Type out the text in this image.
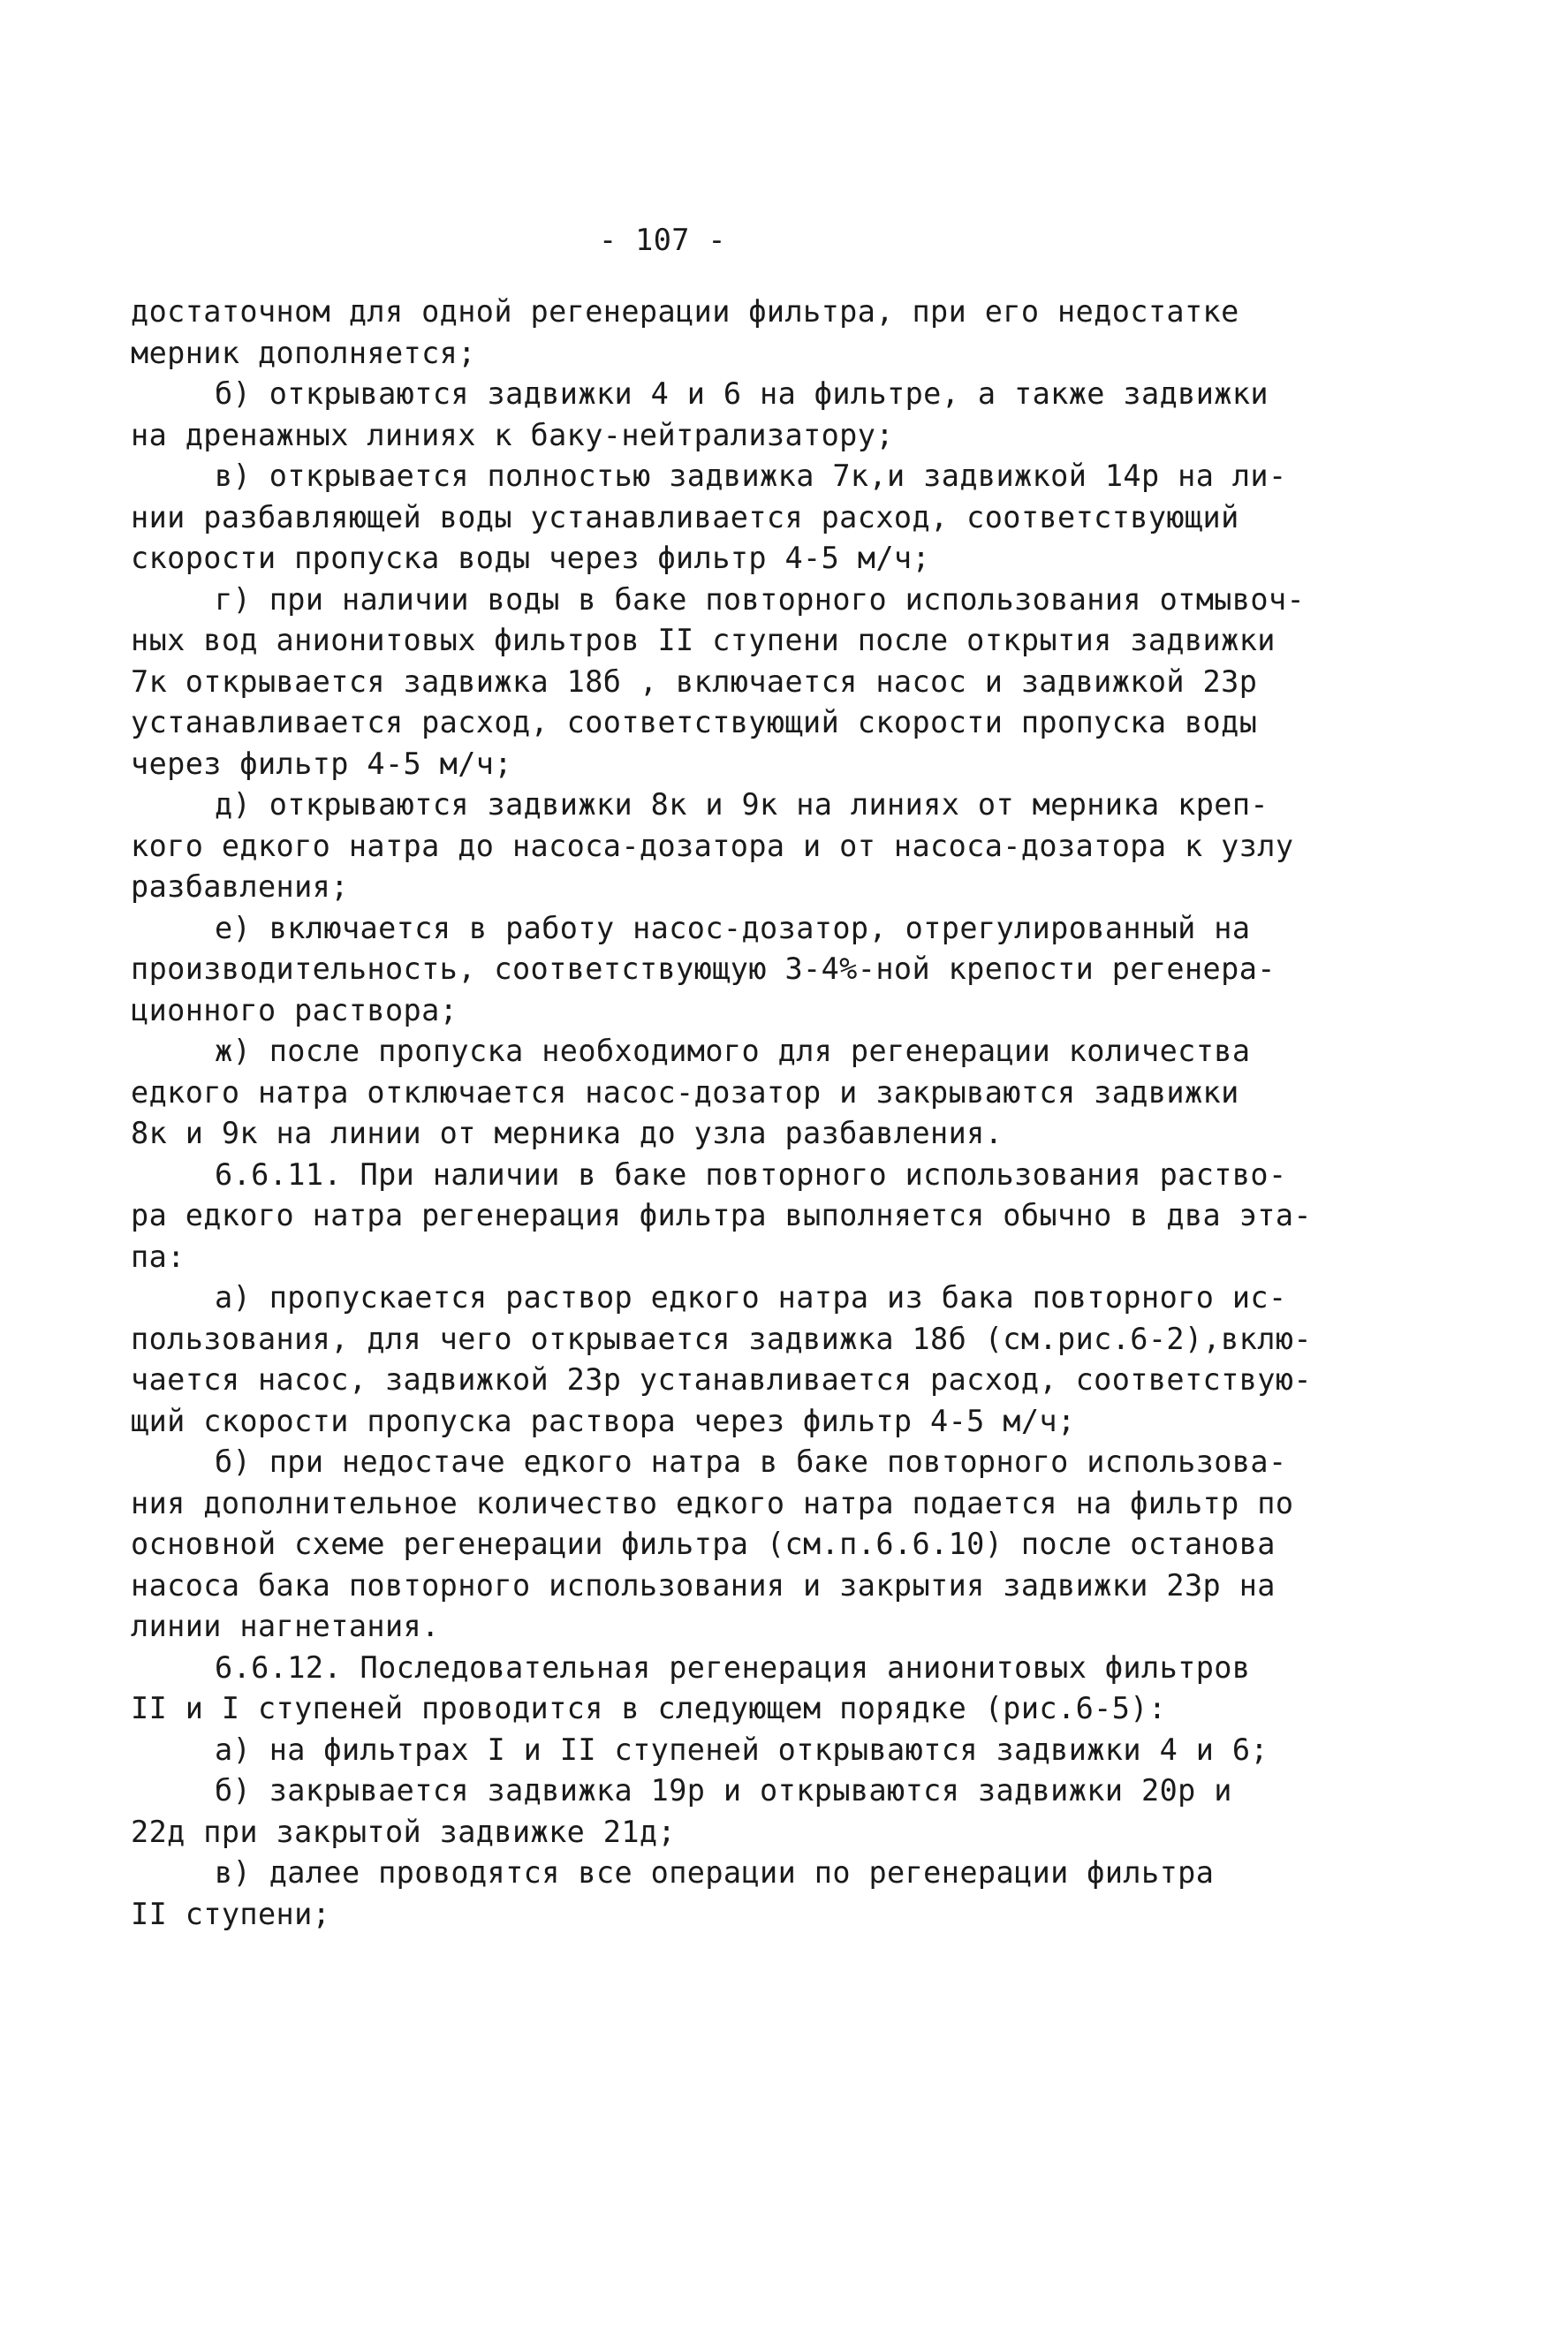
- 107 -
достаточном для одной регенерации фильтра, при его недостатке
мерник дополняется;
б) открываются задвижки 4 и 6 на фильтре, а также задвижки
на дренажных линиях к баку-нейтрализатору;
в) открывается полностью задвижка 7к,и задвижкой 14р на ли-
нии разбавляющей воды устанавливается расход, соответствующий
скорости пропуска воды через фильтр 4-5 м/ч;
г) при наличии воды в баке повторного использования отмывоч-
ных вод анионитовых фильтров II ступени после открытия задвижки
7к открывается задвижка 18б , включается насос и задвижкой 23р
устанавливается расход, соответствующий скорости пропуска воды
через фильтр 4-5 м/ч;
д) открываются задвижки 8к и 9к на линиях от мерника креп-
кого едкого натра до насоса-дозатора и от насоса-дозатора к узлу
разбавления;
е) включается в работу насос-дозатор, отрегулированный на
производительность, соответствующую 3-4%-ной крепости регенера-
ционного раствора;
ж) после пропуска необходимого для регенерации количества
едкого натра отключается насос-дозатор и закрываются задвижки
8к и 9к на линии от мерника до узла разбавления.
6.6.11. При наличии в баке повторного использования раство-
ра едкого натра регенерация фильтра выполняется обычно в два эта-
па:
а) пропускается раствор едкого натра из бака повторного ис-
пользования, для чего открывается задвижка 18б (см.рис.6-2),вклю-
чается насос, задвижкой 23р устанавливается расход, соответствую-
щий скорости пропуска раствора через фильтр 4-5 м/ч;
б) при недостаче едкого натра в баке повторного использова-
ния дополнительное количество едкого натра подается на фильтр по
основной схеме регенерации фильтра (см.п.6.6.10) после останова
насоса бака повторного использования и закрытия задвижки 23р на
линии нагнетания.
6.6.12. Последовательная регенерация анионитовых фильтров
II и I ступеней проводится в следующем порядке (рис.6-5):
а) на фильтрах I и II ступеней открываются задвижки 4 и 6;
б) закрывается задвижка 19р и открываются задвижки 20р и
22д при закрытой задвижке 21д;
в) далее проводятся все операции по регенерации фильтра
II ступени;
